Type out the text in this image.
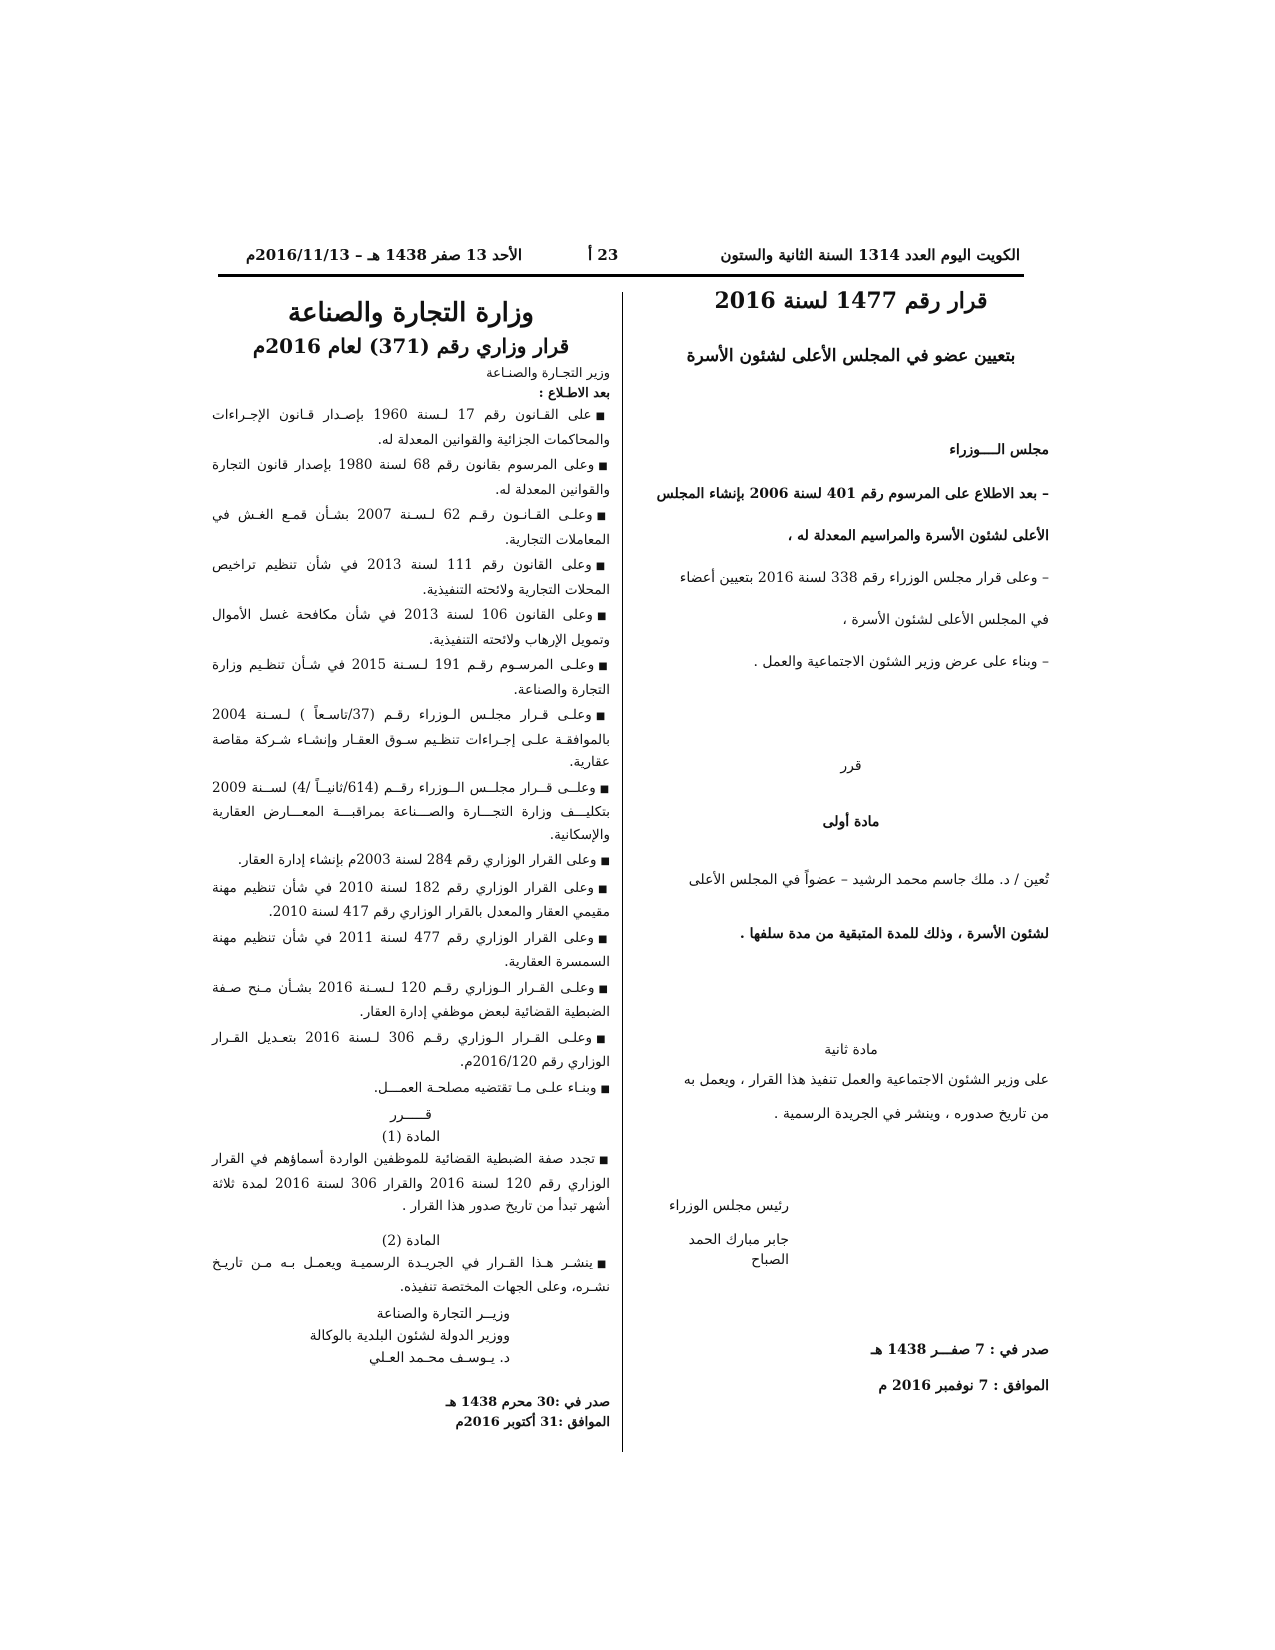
الكويت اليوم العدد 1314 السنة الثانية والستون
23 أ
الأحد 13 صفر 1438 هـ – 2016/11/13م
قرار رقم 1477 لسنة 2016
بتعيين عضو في المجلس الأعلى لشئون الأسرة

مجلس الــــوزراء

– بعد الاطلاع على المرسوم رقم 401 لسنة 2006 بإنشاء المجلس

الأعلى لشئون الأسرة والمراسيم المعدلة له ،

– وعلى قرار مجلس الوزراء رقم 338 لسنة 2016 بتعيين أعضاء

في المجلس الأعلى لشئون الأسرة ،

– وبناء على عرض وزير الشئون الاجتماعية والعمل .

قرر

مادة أولى

تُعين / د. ملك جاسم محمد الرشيد – عضواً في المجلس الأعلى

لشئون الأسرة ، وذلك للمدة المتبقية من مدة سلفها .

مادة ثانية

على وزير الشئون الاجتماعية والعمل تنفيذ هذا القرار ، ويعمل به

من تاريخ صدوره ، وينشر في الجريدة الرسمية .

رئيس مجلس الوزراء

جابر مبارك الحمد الصباح

صدر في : 7 صفـــر 1438 هـ

الموافق : 7 نوفمبر 2016 م

وزارة التجارة والصناعة
قرار وزاري رقم (371) لعام 2016م

وزير التجـارة والصنـاعة

بعد الاطـلاع :

■على القـانون رقم 17 لـسنة 1960 بإصـدار قـانون الإجـراءات والمحاكمات الجزائية والقوانين المعدلة له.

■وعلى المرسوم بقانون رقم 68 لسنة 1980 بإصدار قانون التجارة والقوانين المعدلة له.

■وعلـى القـانـون رقـم 62 لـسـنة 2007 بشـأن قمـع الغـش في المعاملات التجارية.

■وعلى القانون رقم 111 لسنة 2013 في شأن تنظيم تراخيص المحلات التجارية ولائحته التنفيذية.

■وعلى القانون 106 لسنة 2013 في شأن مكافحة غسل الأموال وتمويل الإرهاب ولائحته التنفيذية.

■وعلـى المرسـوم رقـم 191 لـسـنة 2015 في شـأن تنظـيم وزارة التجارة والصناعة.

■وعلـى قـرار مجلـس الـوزراء رقـم (37/تاسـعاً ) لـسـنة 2004 بالموافقـة علـى إجـراءات تنظـيم سـوق العقـار وإنشـاء شـركة مقاصة عقارية.

■وعلــى قــرار مجلــس الــوزراء رقــم (614/ثانيــاً /4) لســنة 2009 بتكليـــف وزارة التجـــارة والصـــناعة بمراقبـــة المعـــارض العقارية والإسكانية.

■وعلى القرار الوزاري رقم 284 لسنة 2003م بإنشاء إدارة العقار.

■وعلى القرار الوزاري رقم 182 لسنة 2010 في شأن تنظيم مهنة مقيمي العقار والمعدل بالقرار الوزاري رقم 417 لسنة 2010.

■وعلى القرار الوزاري رقم 477 لسنة 2011 في شأن تنظيم مهنة السمسرة العقارية.

■وعلـى القـرار الـوزاري رقـم 120 لـسـنة 2016 بشـأن مـنح صـفة الضبطية القضائية لبعض موظفي إدارة العقار.

■وعلـى القـرار الـوزاري رقـم 306 لـسنة 2016 بتعـديل القـرار الوزاري رقم 2016/120م.

■وبنـاء علـى مـا تقتضيه مصلحـة العمـــل.

قـــــرر

المادة (1)

■تجدد صفة الضبطية القضائية للموظفين الواردة أسماؤهم في القرار الوزاري رقم 120 لسنة 2016 والقرار 306 لسنة 2016 لمدة ثلاثة أشهر تبدأ من تاريخ صدور هذا القرار .

المادة (2)

■ينشـر هـذا القـرار في الجريـدة الرسميـة ويعمـل بـه مـن تاريـخ نشـره، وعلى الجهات المختصة تنفيذه.

وزيــر التجارة والصناعة

ووزير الدولة لشئون البلدية بالوكالة

د. يـوسـف محـمد العـلي

صدر في :30 محرم 1438 هـ

الموافق :31 أكتوبر 2016م
